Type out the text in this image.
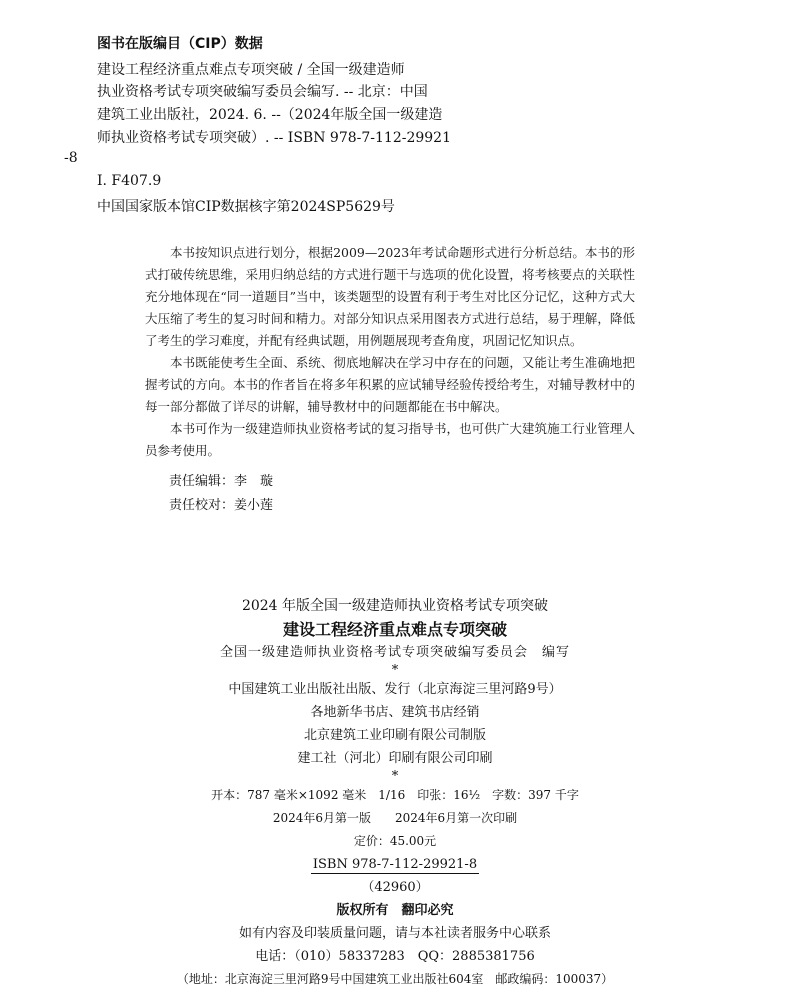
图书在版编目（CIP）数据
建设工程经济重点难点专项突破 / 全国一级建造师
执业资格考试专项突破编写委员会编写. -- 北京：中国
建筑工业出版社，2024. 6. --（2024年版全国一级建造
师执业资格考试专项突破）. -- ISBN 978-7-112-29921
-8
Ⅰ. F407.9
中国国家版本馆CIP数据核字第2024SP5629号

本书按知识点进行划分，根据2009—2023年考试命题形式进行分析总结。本书的形式打破传统思维，采用归纳总结的方式进行题干与选项的优化设置，将考核要点的关联性充分地体现在“同一道题目”当中，该类题型的设置有利于考生对比区分记忆，这种方式大大压缩了考生的复习时间和精力。对部分知识点采用图表方式进行总结，易于理解，降低了考生的学习难度，并配有经典试题，用例题展现考查角度，巩固记忆知识点。

本书既能使考生全面、系统、彻底地解决在学习中存在的问题，又能让考生准确地把握考试的方向。本书的作者旨在将多年积累的应试辅导经验传授给考生，对辅导教材中的每一部分都做了详尽的讲解，辅导教材中的问题都能在书中解决。

本书可作为一级建造师执业资格考试的复习指导书，也可供广大建筑施工行业管理人员参考使用。

责任编辑：李　璇
责任校对：姜小莲
2024 年版全国一级建造师执业资格考试专项突破
建设工程经济重点难点专项突破
全国一级建造师执业资格考试专项突破编写委员会　编写
*
中国建筑工业出版社出版、发行（北京海淀三里河路9号）
各地新华书店、建筑书店经销
北京建筑工业印刷有限公司制版
建工社（河北）印刷有限公司印刷
*
开本：787 毫米×1092 毫米　1/16　印张：16½　字数：397 千字
2024年6月第一版　　2024年6月第一次印刷
定价：45.00元
ISBN 978-7-112-29921-8
（42960）
版权所有　翻印必究
如有内容及印装质量问题，请与本社读者服务中心联系
电话：（010）58337283　QQ：2885381756
（地址：北京海淀三里河路9号中国建筑工业出版社604室　邮政编码：100037）
